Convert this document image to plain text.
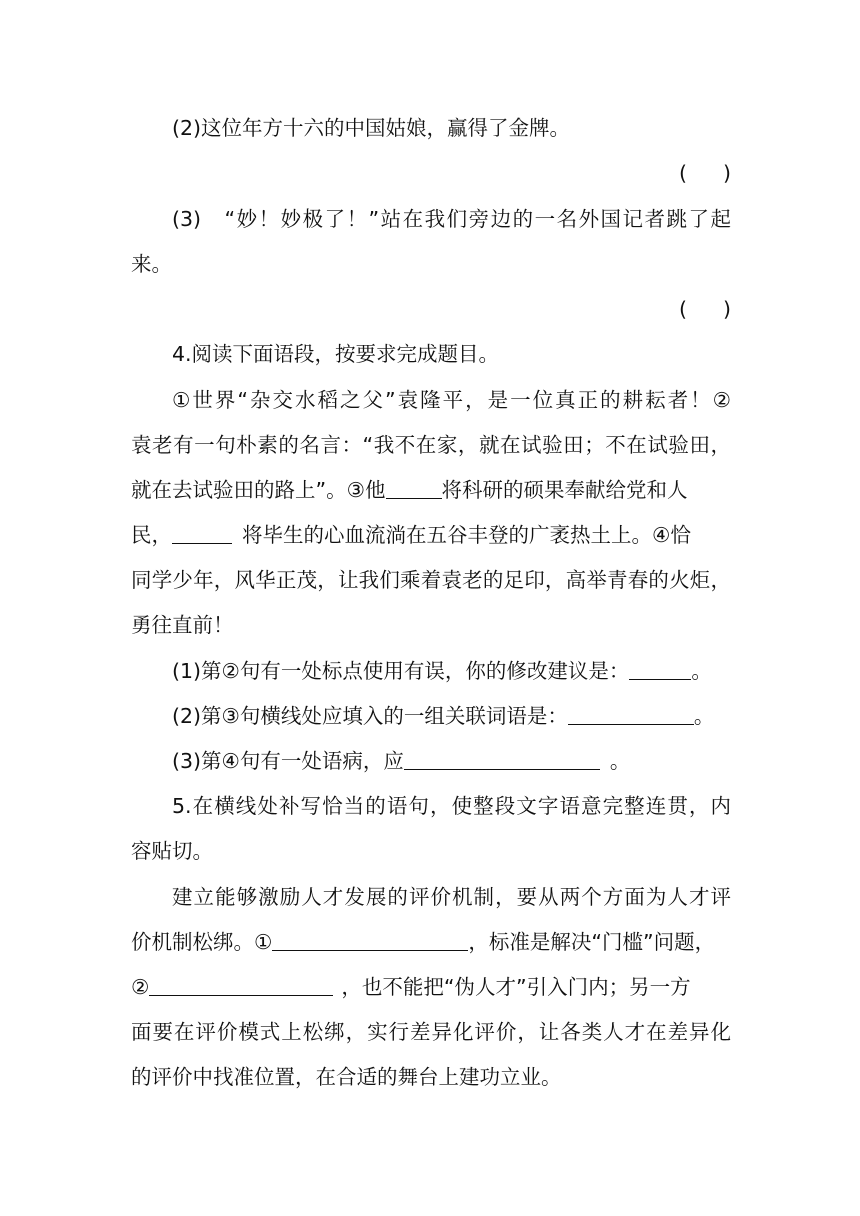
(2)这位年方十六的中国姑娘，赢得了金牌。
( )
(3)　“妙！妙极了！”站在我们旁边的一名外国记者跳了起
来。
( )
4.阅读下面语段，按要求完成题目。
①世界“杂交水稻之父”袁隆平，是一位真正的耕耘者！②
袁老有一句朴素的名言：“我不在家，就在试验田；不在试验田，
就在去试验田的路上”。③他	将科研的硕果奉献给党和人
民，	将毕生的心血流淌在五谷丰登的广袤热土上。④恰
同学少年，风华正茂，让我们乘着袁老的足印，高举青春的火炬，
勇往直前！
(1)第②句有一处标点使用有误，你的修改建议是：	。
(2)第③句横线处应填入的一组关联词语是：	。
(3)第④句有一处语病，应	。
5.在横线处补写恰当的语句，使整段文字语意完整连贯，内
容贴切。
建立能够激励人才发展的评价机制，要从两个方面为人才评
价机制松绑。①	，标准是解决“门槛”问题，
②	，也不能把“伪人才”引入门内；另一方
面要在评价模式上松绑，实行差异化评价，让各类人才在差异化
的评价中找准位置，在合适的舞台上建功立业。
